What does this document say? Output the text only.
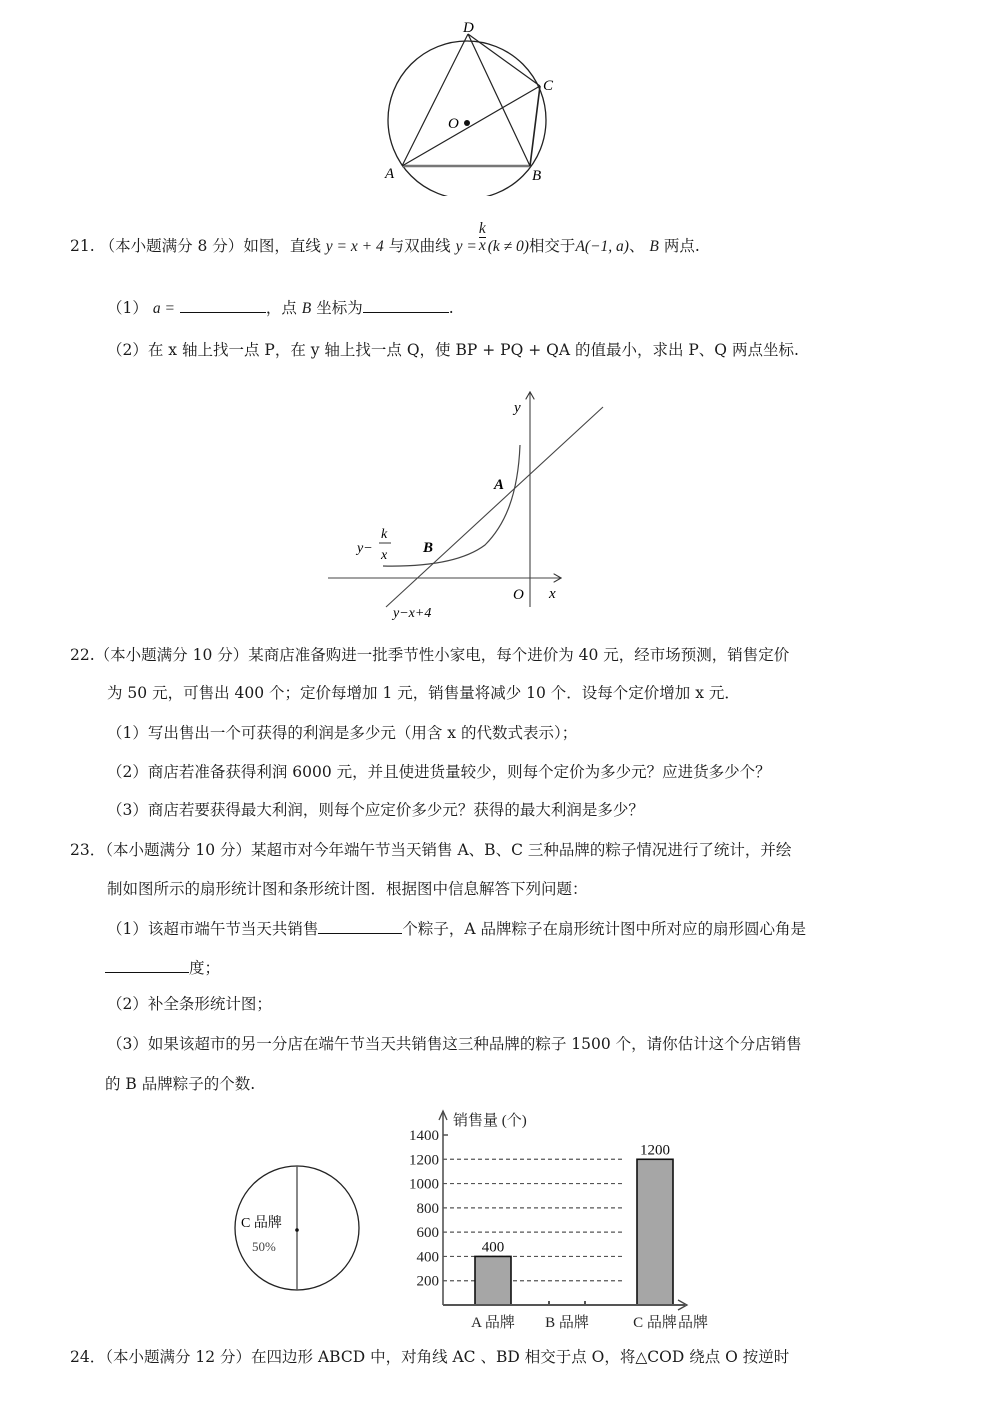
D
C
O
A	B
21. （本小题满分 8 分）如图，直线 y = x + 4 与双曲线 $y = \frac{k}{x} (k \ne 0)$相交于A(−1, a)、 B 两点.
（1） a =	，点 B 坐标为	.
（2）在 x 轴上找一点 P，在 y 轴上找一点 Q，使 BP + PQ + QA 的值最小，求出 P、Q 两点坐标.
y
x
O
A
B
y−
k
x
y−x+4
22.（本小题满分 10 分）某商店准备购进一批季节性小家电，每个进价为 40 元，经市场预测，销售定价
为 50 元，可售出 400 个；定价每增加 1 元，销售量将减少 10 个．设每个定价增加 x 元．
（1）写出售出一个可获得的利润是多少元（用含 x 的代数式表示）；
（2）商店若准备获得利润 6000 元，并且使进货量较少，则每个定价为多少元？应进货多少个？
（3）商店若要获得最大利润，则每个应定价多少元？获得的最大利润是多少？
23．（本小题满分 10 分）某超市对今年端午节当天销售 A、B、C 三种品牌的粽子情况进行了统计，并绘
制如图所示的扇形统计图和条形统计图．根据图中信息解答下列问题：
（1）该超市端午节当天共销售	个粽子，A 品牌粽子在扇形统计图中所对应的扇形圆心角是
度；
（2）补全条形统计图；
（3）如果该超市的另一分店在端午节当天共销售这三种品牌的粽子 1500 个，请你估计这个分店销售
的 B 品牌粽子的个数.
C 品牌
50%	400
1200
200
400
600
800
1000
1200
1400
销售量 (个)
A 品牌 B 品牌	C 品牌 品牌
24．（本小题满分 12 分）在四边形 ABCD 中，对角线 AC 、BD 相交于点 O，将△COD 绕点 O 按逆时
